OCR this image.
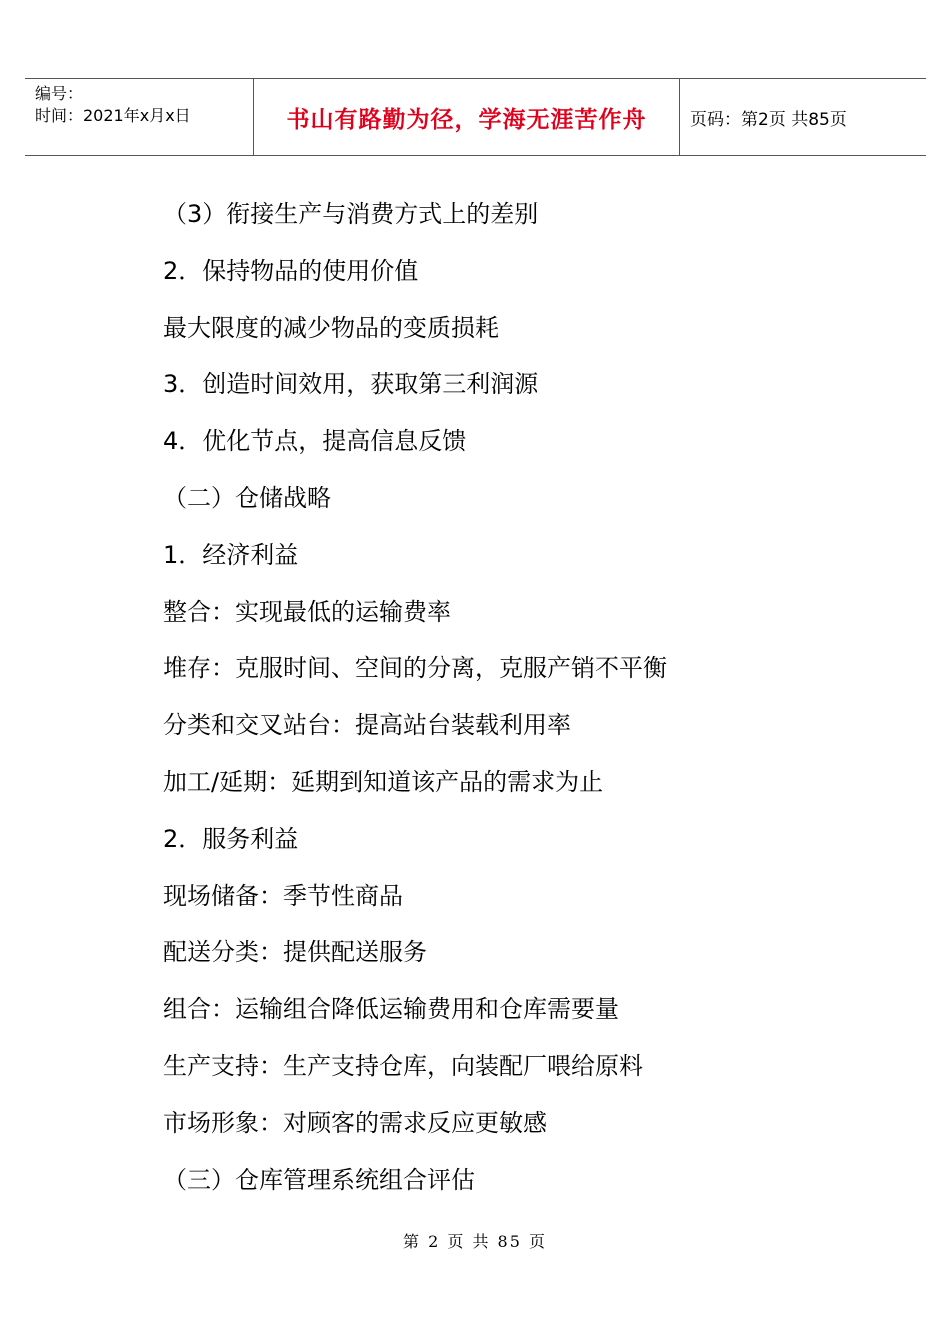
编号：
时间：2021年x月x日	书山有路勤为径，学海无涯苦作舟	页码：第2页 共85页
（3）衔接生产与消费方式上的差别
2．保持物品的使用价值
最大限度的减少物品的变质损耗
3．创造时间效用，获取第三利润源
4．优化节点，提高信息反馈
（二）仓储战略
1．经济利益
整合：实现最低的运输费率
堆存：克服时间、空间的分离，克服产销不平衡
分类和交叉站台：提高站台装载利用率
加工/延期：延期到知道该产品的需求为止
2．服务利益
现场储备：季节性商品
配送分类：提供配送服务
组合：运输组合降低运输费用和仓库需要量
生产支持：生产支持仓库，向装配厂喂给原料
市场形象：对顾客的需求反应更敏感
（三）仓库管理系统组合评估
第 2 页 共 85 页
